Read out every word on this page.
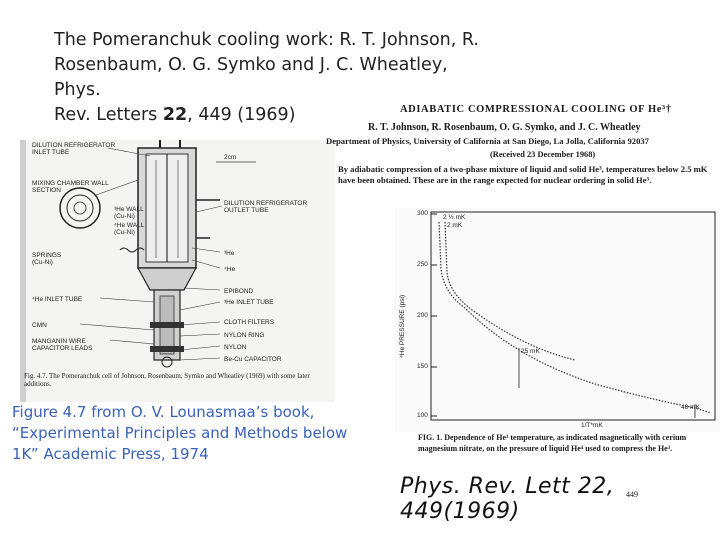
The Pomeranchuk cooling work: R. T. Johnson, R.
Rosenbaum, O. G. Symko and J. C. Wheatley, Phys.
Rev. Letters 22, 449 (1969)
DILUTION REFRIGERATOR
INLET TUBE
2cm
MIXING CHAMBER WALL
SECTION
³He WALL
(Cu-Ni)
⁴He WALL
(Cu-Ni)
DILUTION REFRIGERATOR
OUTLET TUBE
SPRINGS
(Cu-Ni)
³He
⁴He
EPIBOND
⁴He INLET TUBE	³He INLET TUBE
CLOTH FILTERS
CMN
MANGANIN WIRE
CAPACITOR LEADS
NYLON RING
NYLON
Be-Cu CAPACITOR
Fig. 4.7. The Pomeranchuk cell of Johnson, Rosenbaum, Symko and Wheatley (1969) with some later additions.
Figure 4.7 from O. V. Lounasmaa’s book,
“Experimental Principles and Methods below
1K” Academic Press, 1974
ADIABATIC COMPRESSIONAL COOLING OF He³†
R. T. Johnson, R. Rosenbaum, O. G. Symko, and J. C. Wheatley
Department of Physics, University of California at San Diego, La Jolla, California 92037
(Received 23 December 1968)
By adiabatic compression of a two-phase mixture of liquid and solid He³, temperatures below 2.5 mK have been obtained. These are in the range expected for nuclear ordering in solid He³.
300
250
200
150
100
⁴He PRESSURE (psi)
2 ½ mK
2 mK
25 mK
48 mK
1/T*mK
FIG. 1. Dependence of He³ temperature, as indicated magnetically with cerium magnesium nitrate, on the pressure of liquid He⁴ used to compress the He³.
Phys. Rev. Lett 22, 449(1969)
449
